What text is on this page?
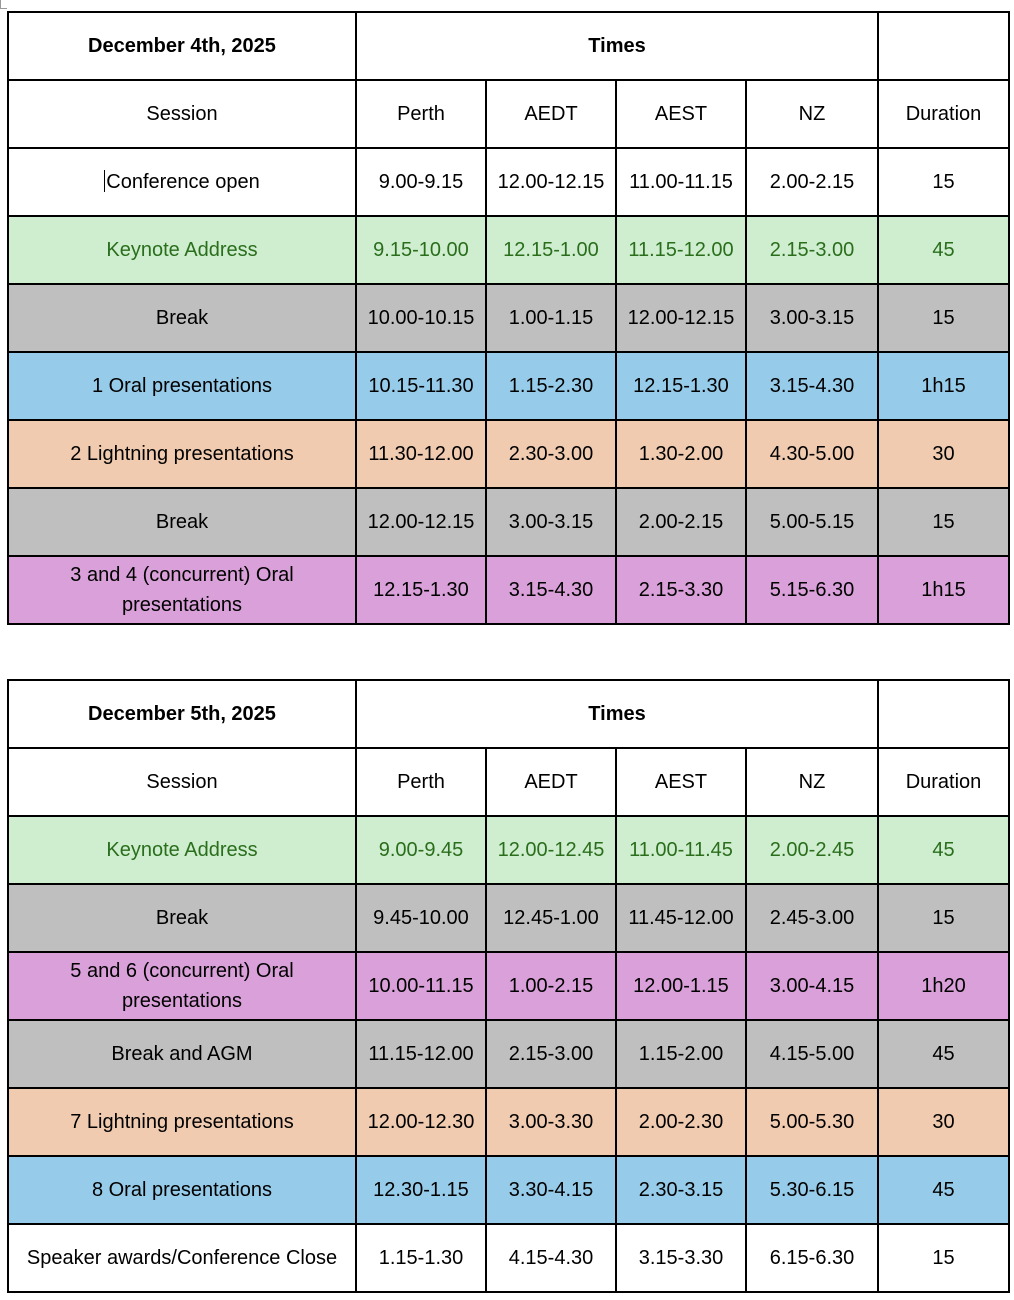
December 4th, 2025	Times				
Session	Perth	AEDT	AEST	NZ	Duration
Conference open	9.00-9.15	12.00-12.15	11.00-11.15	2.00-2.15	15
Keynote Address	9.15-10.00	12.15-1.00	11.15-12.00	2.15-3.00	45
Break	10.00-10.15	1.00-1.15	12.00-12.15	3.00-3.15	15
1 Oral presentations	10.15-11.30	1.15-2.30	12.15-1.30	3.15-4.30	1h15
2 Lightning presentations	11.30-12.00	2.30-3.00	1.30-2.00	4.30-5.00	30
Break	12.00-12.15	3.00-3.15	2.00-2.15	5.00-5.15	15
3 and 4 (concurrent) Oral presentations	12.15-1.30	3.15-4.30	2.15-3.30	5.15-6.30	1h15
December 5th, 2025	Times				
Session	Perth	AEDT	AEST	NZ	Duration
Keynote Address	9.00-9.45	12.00-12.45	11.00-11.45	2.00-2.45	45
Break	9.45-10.00	12.45-1.00	11.45-12.00	2.45-3.00	15
5 and 6 (concurrent) Oral presentations	10.00-11.15	1.00-2.15	12.00-1.15	3.00-4.15	1h20
Break and AGM	11.15-12.00	2.15-3.00	1.15-2.00	4.15-5.00	45
7 Lightning presentations	12.00-12.30	3.00-3.30	2.00-2.30	5.00-5.30	30
8 Oral presentations	12.30-1.15	3.30-4.15	2.30-3.15	5.30-6.15	45
Speaker awards/Conference Close	1.15-1.30	4.15-4.30	3.15-3.30	6.15-6.30	15
